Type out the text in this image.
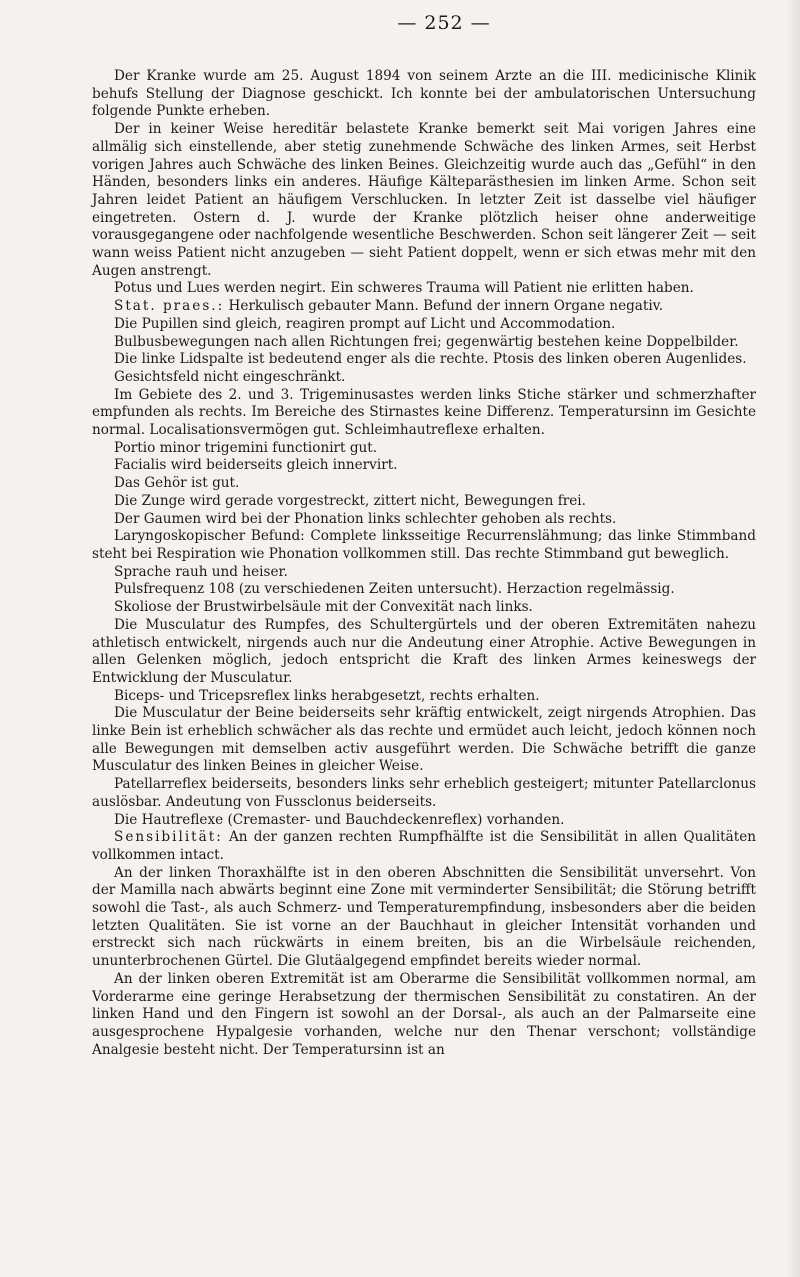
— 252 —

Der Kranke wurde am 25. August 1894 von seinem Arzte an die III. medicinische Klinik behufs Stellung der Diagnose geschickt. Ich konnte bei der ambulatorischen Untersuchung folgende Punkte erheben.

Der in keiner Weise hereditär belastete Kranke bemerkt seit Mai vorigen Jahres eine allmälig sich einstellende, aber stetig zunehmende Schwäche des linken Armes, seit Herbst vorigen Jahres auch Schwäche des linken Beines. Gleichzeitig wurde auch das „Gefühl“ in den Händen, besonders links ein anderes. Häufige Kälteparästhesien im linken Arme. Schon seit Jahren leidet Patient an häufigem Verschlucken. In letzter Zeit ist dasselbe viel häufiger eingetreten. Ostern d. J. wurde der Kranke plötzlich heiser ohne anderweitige vorausgegangene oder nachfolgende wesentliche Beschwerden. Schon seit längerer Zeit — seit wann weiss Patient nicht anzugeben — sieht Patient doppelt, wenn er sich etwas mehr mit den Augen anstrengt.

Potus und Lues werden negirt. Ein schweres Trauma will Patient nie erlitten haben.

Stat. praes.: Herkulisch gebauter Mann. Befund der innern Organe negativ.

Die Pupillen sind gleich, reagiren prompt auf Licht und Accommodation.

Bulbusbewegungen nach allen Richtungen frei; gegenwärtig bestehen keine Doppelbilder.

Die linke Lidspalte ist bedeutend enger als die rechte. Ptosis des linken oberen Augenlides.

Gesichtsfeld nicht eingeschränkt.

Im Gebiete des 2. und 3. Trigeminusastes werden links Stiche stärker und schmerzhafter empfunden als rechts. Im Bereiche des Stirnastes keine Differenz. Temperatursinn im Gesichte normal. Localisationsvermögen gut. Schleimhautreflexe erhalten.

Portio minor trigemini functionirt gut.

Facialis wird beiderseits gleich innervirt.

Das Gehör ist gut.

Die Zunge wird gerade vorgestreckt, zittert nicht, Bewegungen frei.

Der Gaumen wird bei der Phonation links schlechter gehoben als rechts.

Laryngoskopischer Befund: Complete linksseitige Recurrenslähmung; das linke Stimmband steht bei Respiration wie Phonation vollkommen still. Das rechte Stimmband gut beweglich.

Sprache rauh und heiser.

Pulsfrequenz 108 (zu verschiedenen Zeiten untersucht). Herzaction regelmässig.

Skoliose der Brustwirbelsäule mit der Convexität nach links.

Die Musculatur des Rumpfes, des Schultergürtels und der oberen Extremitäten nahezu athletisch entwickelt, nirgends auch nur die Andeutung einer Atrophie. Active Bewegungen in allen Gelenken möglich, jedoch entspricht die Kraft des linken Armes keineswegs der Entwicklung der Musculatur.

Biceps- und Tricepsreflex links herabgesetzt, rechts erhalten.

Die Musculatur der Beine beiderseits sehr kräftig entwickelt, zeigt nirgends Atrophien. Das linke Bein ist erheblich schwächer als das rechte und ermüdet auch leicht, jedoch können noch alle Bewegungen mit demselben activ ausgeführt werden. Die Schwäche betrifft die ganze Musculatur des linken Beines in gleicher Weise.

Patellarreflex beiderseits, besonders links sehr erheblich gesteigert; mitunter Patellarclonus auslösbar. Andeutung von Fussclonus beiderseits.

Die Hautreflexe (Cremaster- und Bauchdeckenreflex) vorhanden.

Sensibilität: An der ganzen rechten Rumpfhälfte ist die Sensibilität in allen Qualitäten vollkommen intact.

An der linken Thoraxhälfte ist in den oberen Abschnitten die Sensibilität unversehrt. Von der Mamilla nach abwärts beginnt eine Zone mit verminderter Sensibilität; die Störung betrifft sowohl die Tast-, als auch Schmerz- und Temperaturempfindung, insbesonders aber die beiden letzten Qualitäten. Sie ist vorne an der Bauchhaut in gleicher Intensität vorhanden und erstreckt sich nach rückwärts in einem breiten, bis an die Wirbelsäule reichenden, ununterbrochenen Gürtel. Die Glutäalgegend empfindet bereits wieder normal.

An der linken oberen Extremität ist am Oberarme die Sensibilität vollkommen normal, am Vorderarme eine geringe Herabsetzung der thermischen Sensibilität zu constatiren. An der linken Hand und den Fingern ist sowohl an der Dorsal-, als auch an der Palmarseite eine ausgesprochene Hypalgesie vorhanden, welche nur den Thenar verschont; vollständige Analgesie besteht nicht. Der Temperatursinn ist an
